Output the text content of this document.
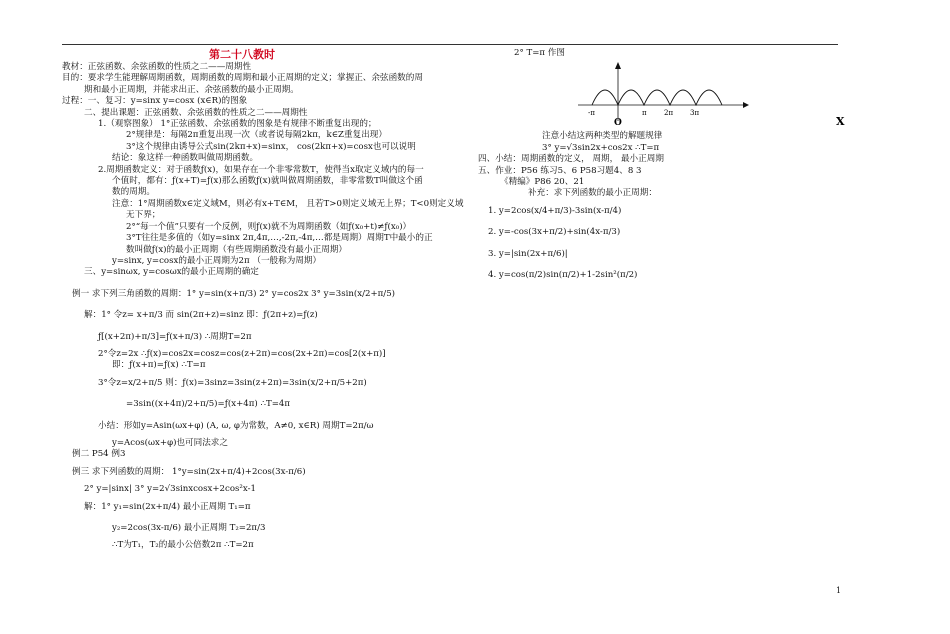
第二十八教时
教材：正弦函数、余弦函数的性质之二——周期性
目的：要求学生能理解周期函数，周期函数的周期和最小正周期的定义；掌握正、余弦函数的周
期和最小正周期，并能求出正、余弦函数的最小正周期。
过程：一、复习：y=sinx y=cosx (x∈R)的图象
二、提出课题：正弦函数、余弦函数的性质之二——周期性
1.（观察图象） 1°正弦函数、余弦函数的图象是有规律不断重复出现的；
2°规律是：每隔2π重复出现一次（或者说每隔2kπ，k∈Z重复出现）
3°这个规律由诱导公式sin(2kπ+x)=sinx， cos(2kπ+x)=cosx也可以说明
结论：象这样一种函数叫做周期函数。
2.周期函数定义：对于函数ƒ(x)，如果存在一个非零常数T，使得当x取定义域内的每一
个值时，都有：ƒ(x+T)=ƒ(x)那么函数ƒ(x)就叫做周期函数，非零常数T叫做这个函
数的周期。
注意：1°周期函数x∈定义域M，则必有x+T∈M， 且若T>0则定义域无上界；T<0则定义域
无下界；
2°“每一个值”只要有一个反例，则ƒ(x)就不为周期函数（如ƒ(x₀+t)≠ƒ(x₀)）
3°T往往是多值的（如y=sinx 2π,4π,…,-2π,-4π,…都是周期）周期T中最小的正
数叫做ƒ(x)的最小正周期（有些周期函数没有最小正周期）
y=sinx, y=cosx的最小正周期为2π （一般称为周期）
三、y=sinωx, y=cosωx的最小正周期的确定
例一 求下列三角函数的周期：1° y=sin(x+π/3) 2° y=cos2x 3° y=3sin(x/2+π/5)
解：1° 令z= x+π/3 而 sin(2π+z)=sinz 即：ƒ(2π+z)=ƒ(z)
ƒ[(x+2π)+π/3]=ƒ(x+π/3) ∴周期T=2π
2°令z=2x ∴ƒ(x)=cos2x=cosz=cos(z+2π)=cos(2x+2π)=cos[2(x+π)]
即：ƒ(x+π)=ƒ(x) ∴T=π
3°令z=x/2+π/5 则：ƒ(x)=3sinz=3sin(z+2π)=3sin(x/2+π/5+2π)
=3sin((x+4π)/2+π/5)=ƒ(x+4π) ∴T=4π
小结：形如y=Asin(ωx+φ) (A, ω, φ为常数，A≠0, x∈R) 周期T=2π/ω
y=Acos(ωx+φ)也可同法求之
例二 P54 例3
例三 求下列函数的周期： 1°y=sin(2x+π/4)+2cos(3x-π/6)
2° y=|sinx| 3° y=2√3sinxcosx+2cos²x-1
解：1° y₁=sin(2x+π/4) 最小正周期 T₁=π
y₂=2cos(3x-π/6) 最小正周期 T₂=2π/3
∴T为T₁，T₂的最小公倍数2π ∴T=2π
2° T=π 作图
-π
O
π 2π 3π
X
注意小结这两种类型的解题规律
3° y=√3sin2x+cos2x ∴T=π
四、小结：周期函数的定义， 周期， 最小正周期
五、作业：P56 练习5、6 P58习题4、8 3
《精编》P86 20、21
补充：求下列函数的最小正周期：
1. y=2cos(x/4+π/3)-3sin(x-π/4)
2. y=-cos(3x+π/2)+sin(4x-π/3)
3. y=|sin(2x+π/6)|
4. y=cos(π/2)sin(π/2)+1-2sin²(π/2)
1
